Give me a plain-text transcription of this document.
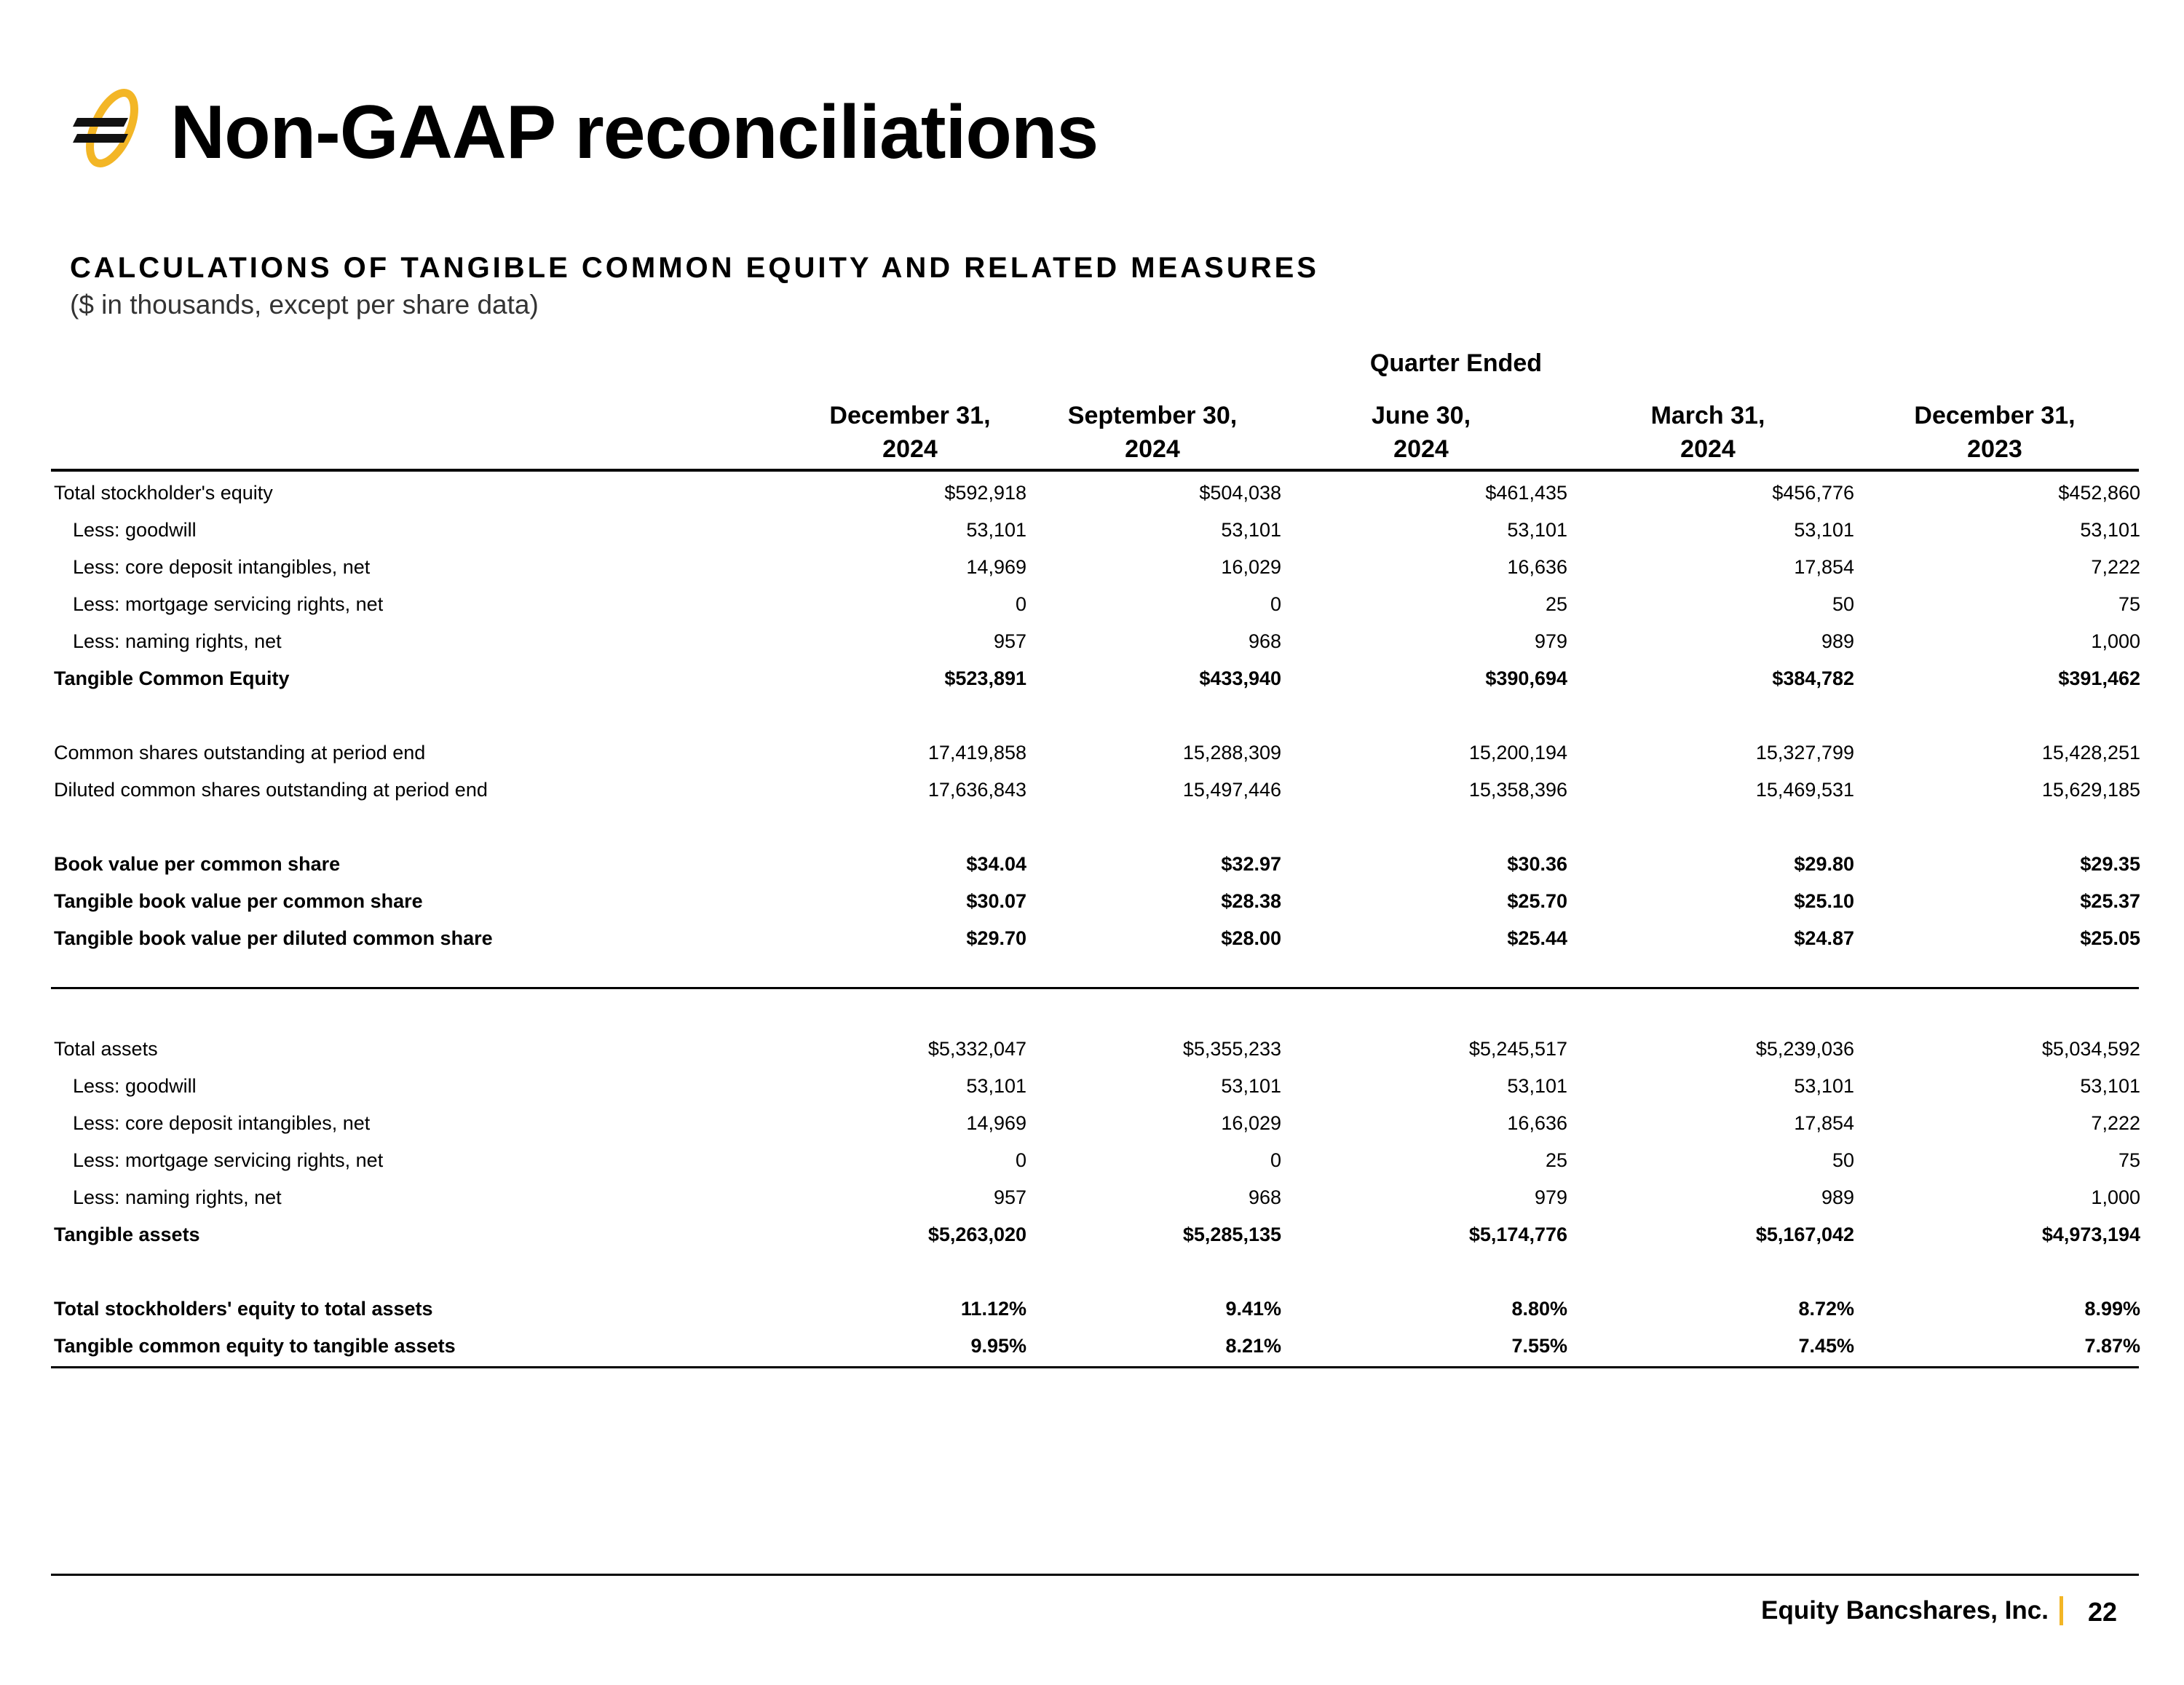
Non-GAAP reconciliations
CALCULATIONS OF TANGIBLE COMMON EQUITY AND RELATED MEASURES

($ in thousands, except per share data)

Quarter Ended
December 31,
2024
September 30,
2024
June 30,
2024
March 31,
2024
December 31,
2023
Total stockholder's equity	$592,918	$504,038	$461,435	$456,776	$452,860
Less: goodwill	53,101	53,101	53,101	53,101	53,101
Less: core deposit intangibles, net	14,969	16,029	16,636	17,854	7,222
Less: mortgage servicing rights, net	0	0	25	50	75
Less: naming rights, net	957	968	979	989	1,000
Tangible Common Equity	$523,891	$433,940	$390,694	$384,782	$391,462
Common shares outstanding at period end	17,419,858	15,288,309	15,200,194	15,327,799	15,428,251
Diluted common shares outstanding at period end	17,636,843	15,497,446	15,358,396	15,469,531	15,629,185
Book value per common share	$34.04	$32.97	$30.36	$29.80	$29.35
Tangible book value per common share	$30.07	$28.38	$25.70	$25.10	$25.37
Tangible book value per diluted common share	$29.70	$28.00	$25.44	$24.87	$25.05
Total assets	$5,332,047	$5,355,233	$5,245,517	$5,239,036	$5,034,592
Less: goodwill	53,101	53,101	53,101	53,101	53,101
Less: core deposit intangibles, net	14,969	16,029	16,636	17,854	7,222
Less: mortgage servicing rights, net	0	0	25	50	75
Less: naming rights, net	957	968	979	989	1,000
Tangible assets	$5,263,020	$5,285,135	$5,174,776	$5,167,042	$4,973,194
Total stockholders' equity to total assets	11.12%	9.41%	8.80%	8.72%	8.99%
Tangible common equity to tangible assets	9.95%	8.21%	7.55%	7.45%	7.87%

Equity Bancshares, Inc. 22
